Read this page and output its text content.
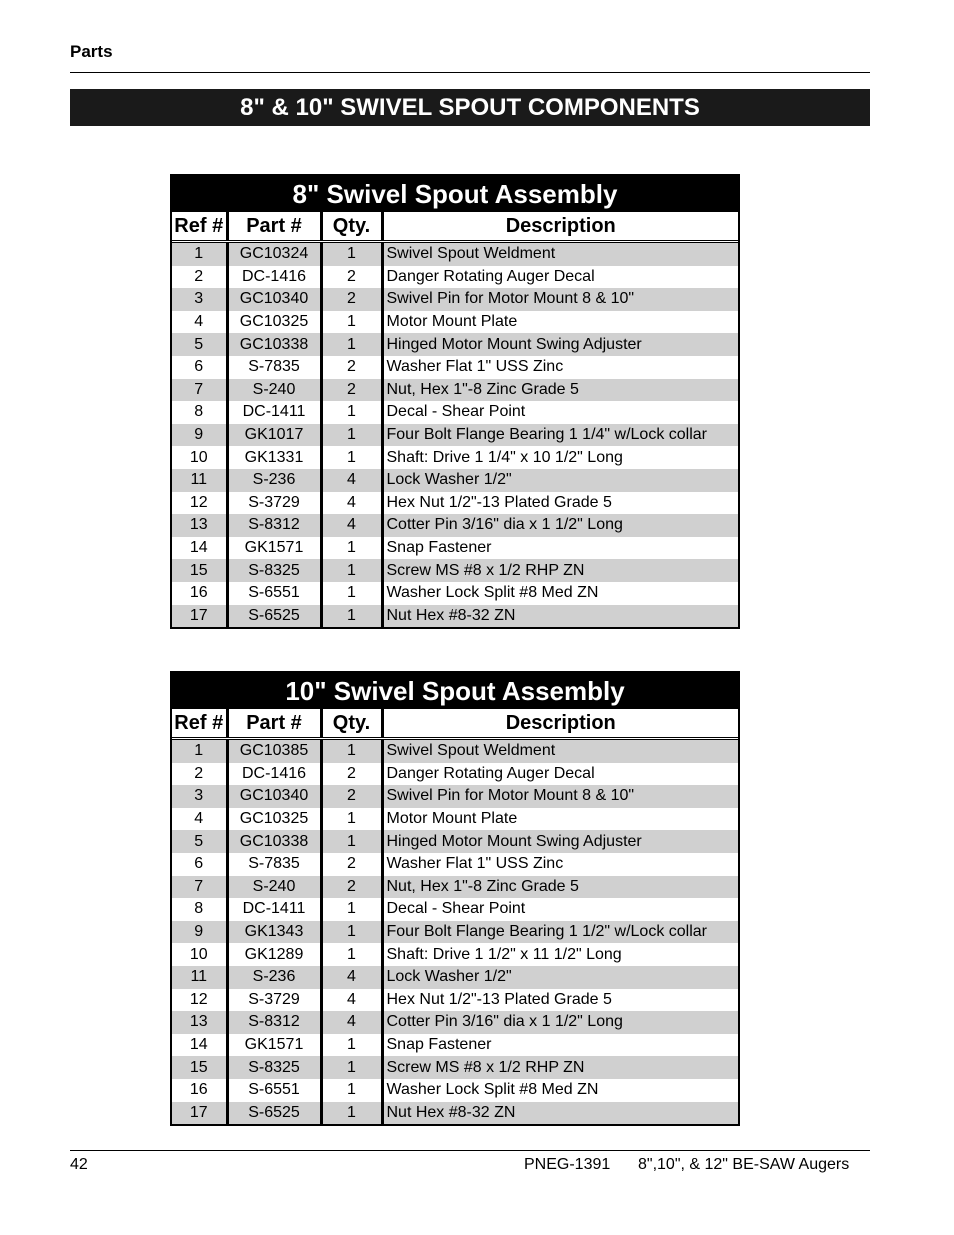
Parts
8" & 10" SWIVEL SPOUT COMPONENTS
8" Swivel Spout Assembly
Ref #	Part #	Qty.	Description
1	GC10324	1	Swivel Spout Weldment
2	DC-1416	2	Danger Rotating Auger Decal
3	GC10340	2	Swivel Pin for Motor Mount 8 & 10"
4	GC10325	1	Motor Mount Plate
5	GC10338	1	Hinged Motor Mount Swing Adjuster
6	S-7835	2	Washer Flat 1" USS Zinc
7	S-240	2	Nut, Hex 1"-8 Zinc Grade 5
8	DC-1411	1	Decal - Shear Point
9	GK1017	1	Four Bolt Flange Bearing 1 1/4" w/Lock collar
10	GK1331	1	Shaft: Drive 1 1/4" x 10 1/2" Long
11	S-236	4	Lock Washer 1/2"
12	S-3729	4	Hex Nut 1/2"-13 Plated Grade 5
13	S-8312	4	Cotter Pin 3/16" dia x 1 1/2" Long
14	GK1571	1	Snap Fastener
15	S-8325	1	Screw MS #8 x 1/2 RHP ZN
16	S-6551	1	Washer Lock Split #8 Med ZN
17	S-6525	1	Nut Hex #8-32 ZN
10" Swivel Spout Assembly
Ref #	Part #	Qty.	Description
1	GC10385	1	Swivel Spout Weldment
2	DC-1416	2	Danger Rotating Auger Decal
3	GC10340	2	Swivel Pin for Motor Mount 8 & 10"
4	GC10325	1	Motor Mount Plate
5	GC10338	1	Hinged Motor Mount Swing Adjuster
6	S-7835	2	Washer Flat 1" USS Zinc
7	S-240	2	Nut, Hex 1"-8 Zinc Grade 5
8	DC-1411	1	Decal - Shear Point
9	GK1343	1	Four Bolt Flange Bearing 1 1/2" w/Lock collar
10	GK1289	1	Shaft: Drive 1 1/2" x 11 1/2" Long
11	S-236	4	Lock Washer 1/2"
12	S-3729	4	Hex Nut 1/2"-13 Plated Grade 5
13	S-8312	4	Cotter Pin 3/16" dia x 1 1/2" Long
14	GK1571	1	Snap Fastener
15	S-8325	1	Screw MS #8 x 1/2 RHP ZN
16	S-6551	1	Washer Lock Split #8 Med ZN
17	S-6525	1	Nut Hex #8-32 ZN
42	PNEG-1391 8",10", & 12" BE-SAW Augers
